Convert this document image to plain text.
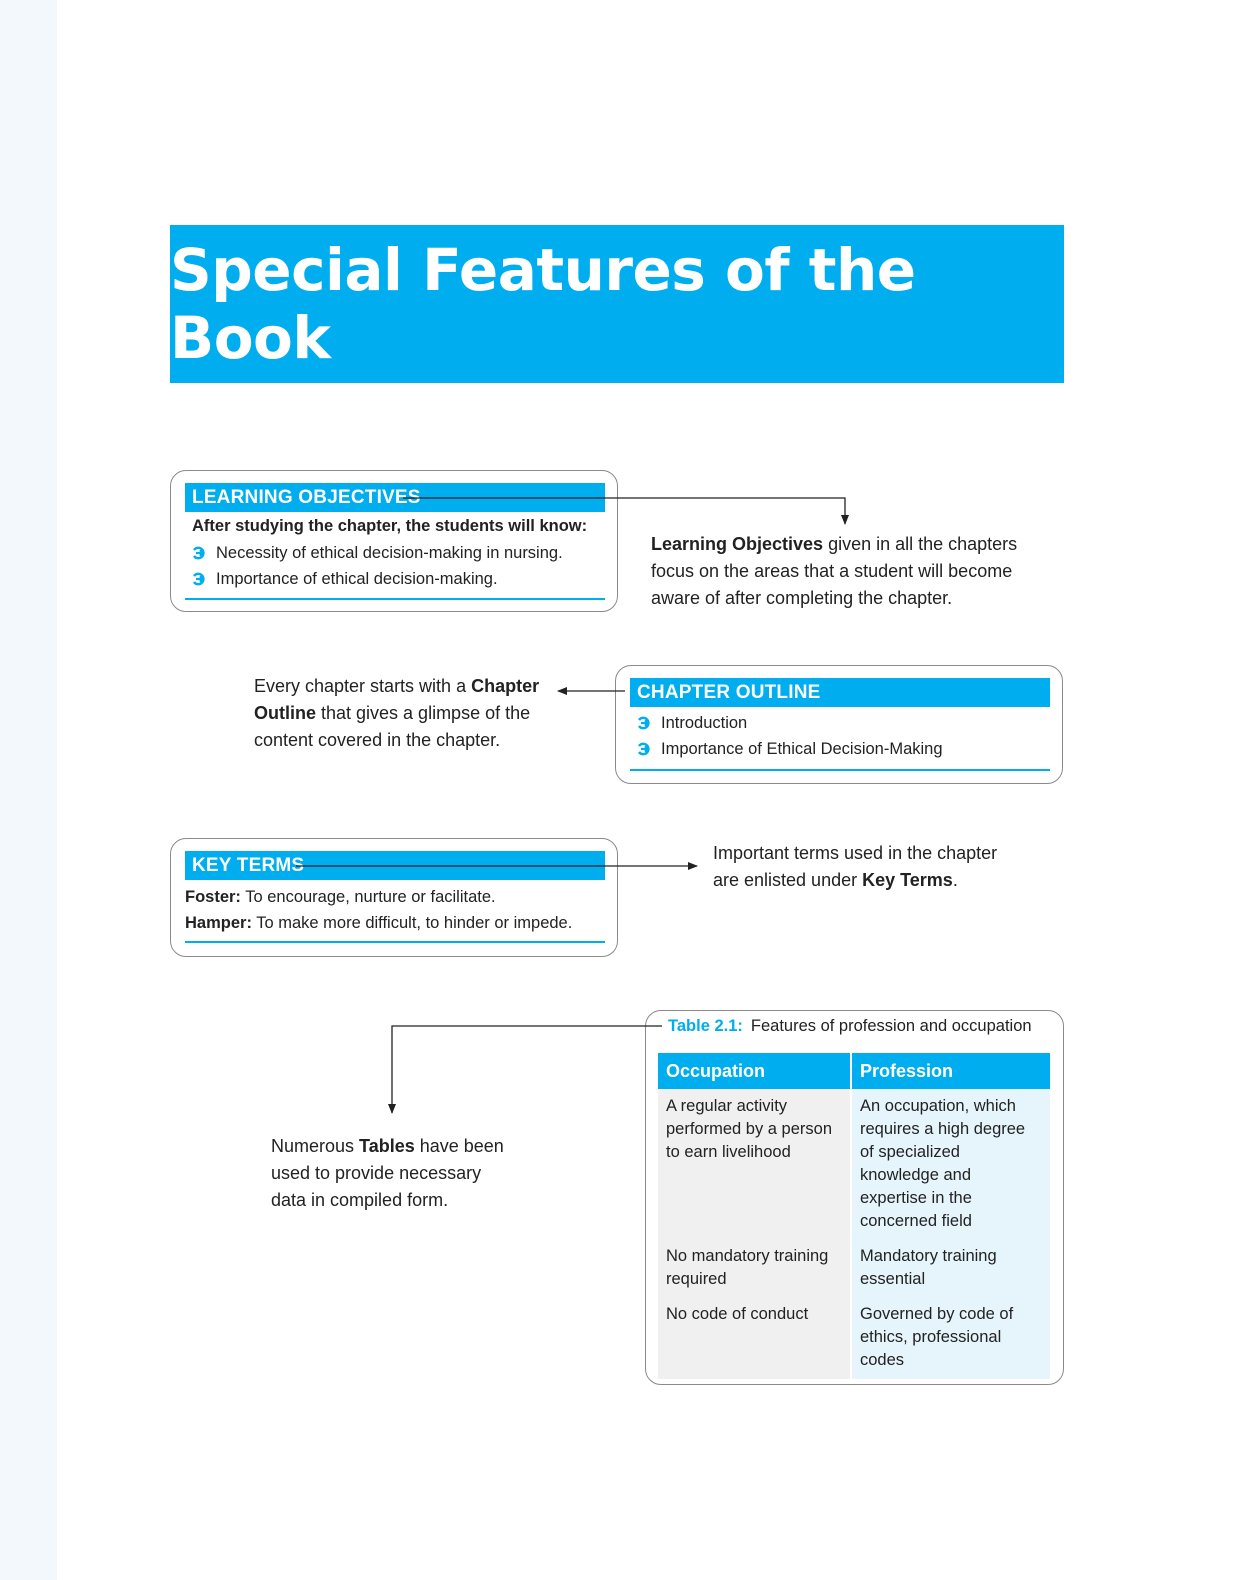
Special Features of the Book
LEARNING OBJECTIVES
After studying the chapter, the students will know:
Necessity of ethical decision-making in nursing.
Importance of ethical decision-making.
Learning Objectives given in all the chapters
focus on the areas that a student will become
aware of after completing the chapter.
Every chapter starts with a Chapter
Outline that gives a glimpse of the
content covered in the chapter.
CHAPTER OUTLINE
Introduction
Importance of Ethical Decision-Making
KEY TERMS
Foster: To encourage, nurture or facilitate.
Hamper: To make more difficult, to hinder or impede.
Important terms used in the chapter
are enlisted under Key Terms.
Numerous Tables have been
used to provide necessary
data in compiled form.
Table 2.1: Features of profession and occupation
Occupation	Profession
A regular activity performed by a person to earn livelihood	An occupation, which requires a high degree of specialized knowledge and expertise in the concerned field
No mandatory training required	Mandatory training essential
No code of conduct	Governed by code of ethics, professional codes
